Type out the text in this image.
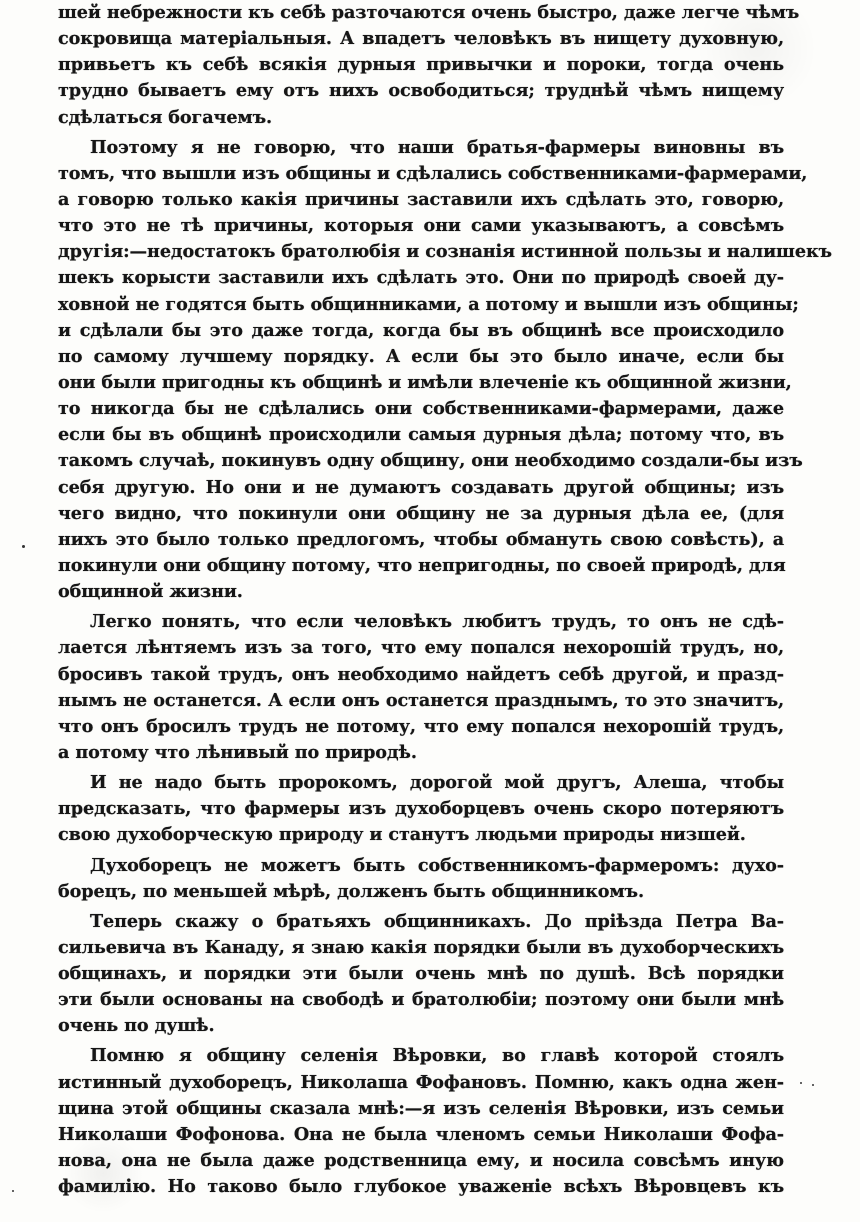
шей небрежности къ себѣ разточаются очень быстро, даже легче чѣмъ
сокровища матеріальныя. А впадетъ человѣкъ въ нищету духовную,
привьетъ къ себѣ всякія дурныя привычки и пороки, тогда очень
трудно бываетъ ему отъ нихъ освободиться; труднѣй чѣмъ нищему
сдѣлаться богачемъ.
Поэтому я не говорю, что наши братья-фармеры виновны въ
томъ, что вышли изъ общины и сдѣлались собственниками-фармерами,
а говорю только какія причины заставили ихъ сдѣлать это, говорю,
что это не тѣ причины, которыя они сами указываютъ, а совсѣмъ
другія:—недостатокъ братолюбія и сознанія истинной пользы и налишекъ
шекъ корысти заставили ихъ сдѣлать это. Они по природѣ своей ду-
ховной не годятся быть общинниками, а потому и вышли изъ общины;
и сдѣлали бы это даже тогда, когда бы въ общинѣ все происходило
по самому лучшему порядку. А если бы это было иначе, если бы
они были пригодны къ общинѣ и имѣли влеченіе къ общинной жизни,
то никогда бы не сдѣлались они собственниками-фармерами, даже
если бы въ общинѣ происходили самыя дурныя дѣла; потому что, въ
такомъ случаѣ, покинувъ одну общину, они необходимо создали-бы изъ
себя другую. Но они и не думаютъ создавать другой общины; изъ
чего видно, что покинули они общину не за дурныя дѣла ее, (для
нихъ это было только предлогомъ, чтобы обмануть свою совѣсть), а
покинули они общину потому, что непригодны, по своей природѣ, для
общинной жизни.
Легко понять, что если человѣкъ любитъ трудъ, то онъ не сдѣ-
лается лѣнтяемъ изъ за того, что ему попался нехорошій трудъ, но,
бросивъ такой трудъ, онъ необходимо найдетъ себѣ другой, и празд-
нымъ не останется. А если онъ останется празднымъ, то это значитъ,
что онъ бросилъ трудъ не потому, что ему попался нехорошій трудъ,
а потому что лѣнивый по природѣ.
И не надо быть пророкомъ, дорогой мой другъ, Алеша, чтобы
предсказать, что фармеры изъ духоборцевъ очень скоро потеряютъ
свою духоборческую природу и станутъ людьми природы низшей.
Духоборецъ не можетъ быть собственникомъ-фармеромъ: духо-
борецъ, по меньшей мѣрѣ, долженъ быть общинникомъ.
Теперь скажу о братьяхъ общинникахъ. До пріѣзда Петра Ва-
сильевича въ Канаду, я знаю какія порядки были въ духоборческихъ
общинахъ, и порядки эти были очень мнѣ по душѣ. Всѣ порядки
эти были основаны на свободѣ и братолюбіи; поэтому они были мнѣ
очень по душѣ.
Помню я общину селенія Вѣровки, во главѣ которой стоялъ
истинный духоборецъ, Николаша Фофановъ. Помню, какъ одна жен-
щина этой общины сказала мнѣ:—я изъ селенія Вѣровки, изъ семьи
Николаши Фофонова. Она не была членомъ семьи Николаши Фофа-
нова, она не была даже родственница ему, и носила совсѣмъ иную
фамилію. Но таково было глубокое уваженіе всѣхъ Вѣровцевъ къ
